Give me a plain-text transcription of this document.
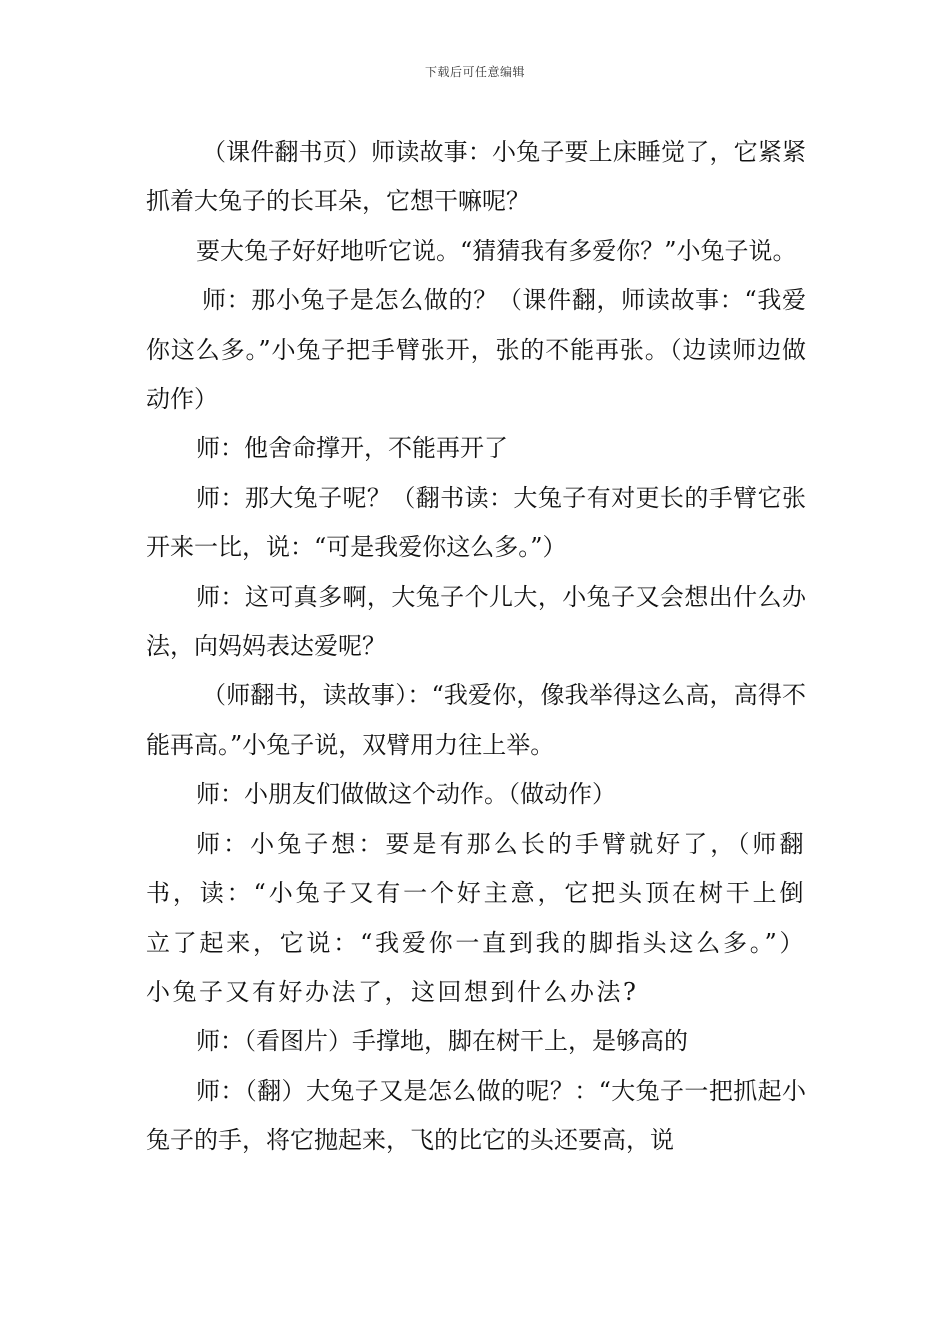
下载后可任意编辑

（课件翻书页）师读故事：小兔子要上床睡觉了，它紧紧抓着大兔子的长耳朵，它想干嘛呢？

要大兔子好好地听它说。“猜猜我有多爱你？”小兔子说。

师：那小兔子是怎么做的？（课件翻，师读故事：“我爱你这么多。”小兔子把手臂张开，张的不能再张。（边读师边做动作）

师：他舍命撑开，不能再开了

师：那大兔子呢？（翻书读：大兔子有对更长的手臂它张开来一比，说：“可是我爱你这么多。”）

师：这可真多啊，大兔子个儿大，小兔子又会想出什么办法，向妈妈表达爱呢？

（师翻书，读故事）：“我爱你，像我举得这么高，高得不能再高。”小兔子说，双臂用力往上举。

师：小朋友们做做这个动作。（做动作）

师：小兔子想：要是有那么长的手臂就好了，（师翻书，读：“小兔子又有一个好主意，它把头顶在树干上倒立了起来，它说：“我爱你一直到我的脚指头这么多。”）小兔子又有好办法了，这回想到什么办法?

师：（看图片）手撑地，脚在树干上，是够高的

师：（翻）大兔子又是怎么做的呢？：“大兔子一把抓起小兔子的手，将它抛起来，飞的比它的头还要高，说
